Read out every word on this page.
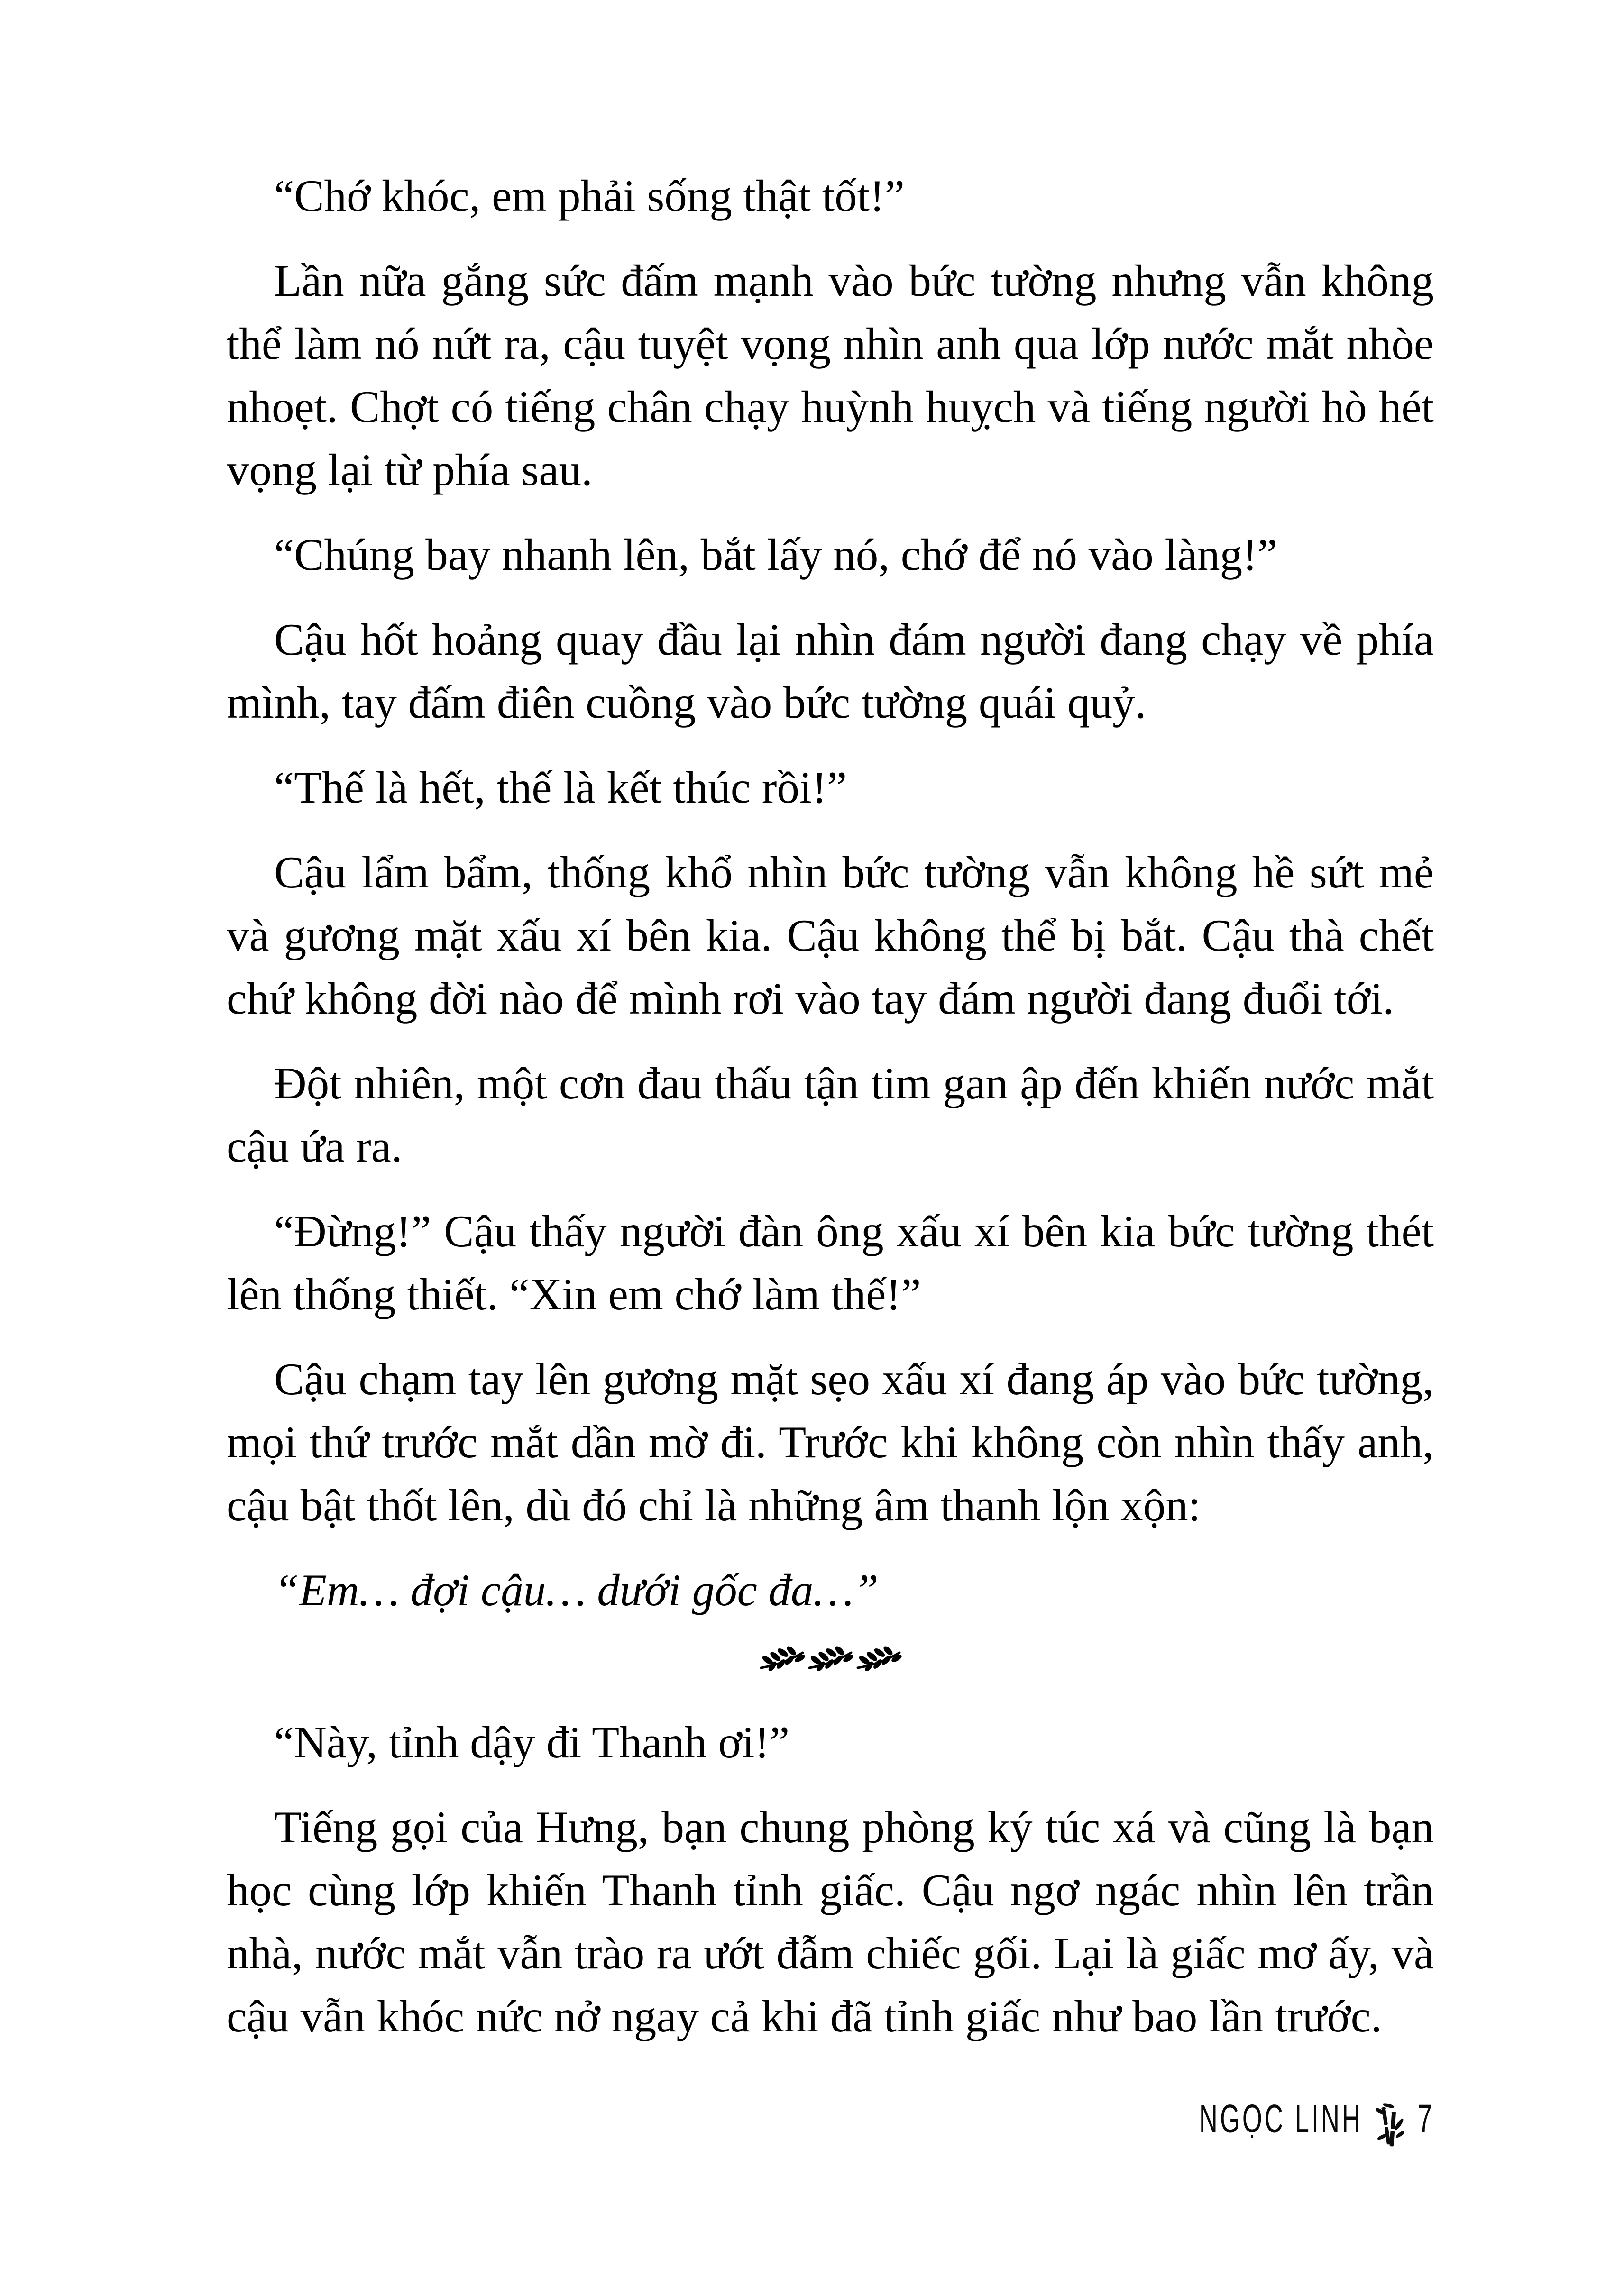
“Chớ khóc, em phải sống thật tốt!”

Lần nữa gắng sức đấm mạnh vào bức tường nhưng vẫn không thể làm nó nứt ra, cậu tuyệt vọng nhìn anh qua lớp nước mắt nhòe nhoẹt. Chợt có tiếng chân chạy huỳnh huỵch và tiếng người hò hét vọng lại từ phía sau.

“Chúng bay nhanh lên, bắt lấy nó, chớ để nó vào làng!”

Cậu hốt hoảng quay đầu lại nhìn đám người đang chạy về phía mình, tay đấm điên cuồng vào bức tường quái quỷ.

“Thế là hết, thế là kết thúc rồi!”

Cậu lẩm bẩm, thống khổ nhìn bức tường vẫn không hề sứt mẻ và gương mặt xấu xí bên kia. Cậu không thể bị bắt. Cậu thà chết chứ không đời nào để mình rơi vào tay đám người đang đuổi tới.

Đột nhiên, một cơn đau thấu tận tim gan ập đến khiến nước mắt cậu ứa ra.

“Đừng!” Cậu thấy người đàn ông xấu xí bên kia bức tường thét lên thống thiết. “Xin em chớ làm thế!”

Cậu chạm tay lên gương mặt sẹo xấu xí đang áp vào bức tường, mọi thứ trước mắt dần mờ đi. Trước khi không còn nhìn thấy anh, cậu bật thốt lên, dù đó chỉ là những âm thanh lộn xộn:

“Em… đợi cậu… dưới gốc đa…”

“Này, tỉnh dậy đi Thanh ơi!”

Tiếng gọi của Hưng, bạn chung phòng ký túc xá và cũng là bạn học cùng lớp khiến Thanh tỉnh giấc. Cậu ngơ ngác nhìn lên trần nhà, nước mắt vẫn trào ra ướt đẫm chiếc gối. Lại là giấc mơ ấy, và cậu vẫn khóc nức nở ngay cả khi đã tỉnh giấc như bao lần trước.

NGỌC LINH 7
